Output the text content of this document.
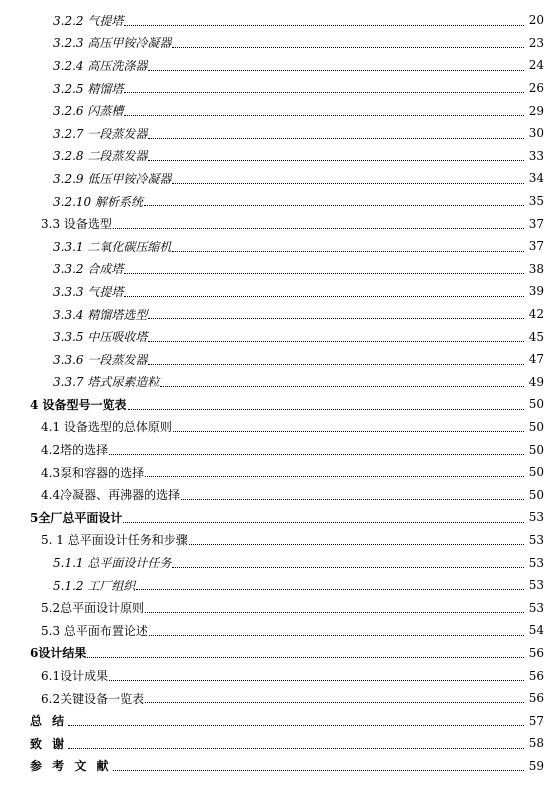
3.2.2 气提塔	20
3.2.3 高压甲铵冷凝器	23
3.2.4 高压洗涤器	24
3.2.5 精馏塔	26
3.2.6 闪蒸槽	29
3.2.7 一段蒸发器	30
3.2.8 二段蒸发器	33
3.2.9 低压甲铵冷凝器	34
3.2.10 解析系统	35
3.3 设备选型	37
3.3.1 二氧化碳压缩机	37
3.3.2 合成塔	38
3.3.3 气提塔	39
3.3.4 精馏塔选型	42
3.3.5 中压吸收塔	45
3.3.6 一段蒸发器	47
3.3.7 塔式尿素造粒	49
4 设备型号一览表	50
4.1 设备选型的总体原则	50
4.2塔的选择	50
4.3泵和容器的选择	50
4.4冷凝器、再沸器的选择	50
5全厂总平面设计	53
5. 1 总平面设计任务和步骤	53
5.1.1 总平面设计任务	53
5.1.2 工厂组织	53
5.2总平面设计原则	53
5.3 总平面布置论述	54
6设计结果	56
6.1设计成果	56
6.2关键设备一览表	56
总 结	57
致 谢	58
参 考 文 献	59
